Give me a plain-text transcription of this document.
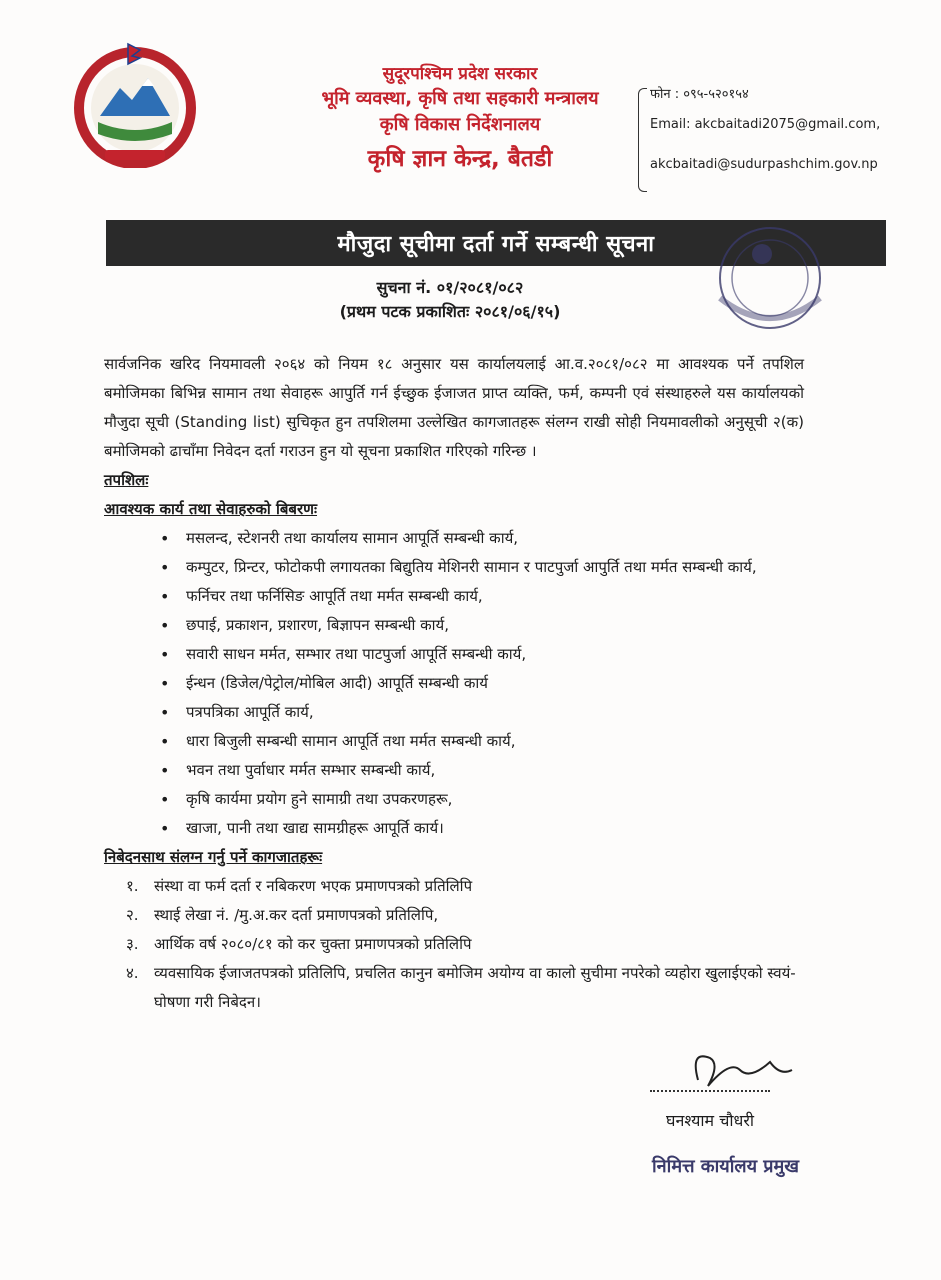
सुदूरपश्चिम प्रदेश सरकार
भूमि व्यवस्था, कृषि तथा सहकारी मन्त्रालय
कृषि विकास निर्देशनालय
कृषि ज्ञान केन्द्र, बैतडी
फोन : ०९५-५२०१५४
Email: akcbaitadi2075@gmail.com,
akcbaitadi@sudurpashchim.gov.np
मौजुदा सूचीमा दर्ता गर्ने सम्बन्धी सूचना
सुचना नं. ०१/२०८१/०८२
(प्रथम पटक प्रकाशितः २०८१/०६/१५)

सार्वजनिक खरिद नियमावली २०६४ को नियम १८ अनुसार यस कार्यालयलाई आ.व.२०८१/०८२ मा आवश्यक पर्ने तपशिल बमोजिमका बिभिन्न सामान तथा सेवाहरू आपुर्ति गर्न ईच्छुक ईजाजत प्राप्त व्यक्ति, फर्म, कम्पनी एवं संस्थाहरुले यस कार्यालयको मौजुदा सूची (Standing list) सुचिकृत हुन तपशिलमा उल्लेखित कागजातहरू संलग्न राखी सोही नियमावलीको अनुसूची २(क) बमोजिमको ढाचाँमा निवेदन दर्ता गराउन हुन यो सूचना प्रकाशित गरिएको गरिन्छ ।

तपशिलः

आवश्यक कार्य तथा सेवाहरुको बिबरणः

• मसलन्द, स्टेशनरी तथा कार्यालय सामान आपूर्ति सम्बन्धी कार्य,
• कम्पुटर, प्रिन्टर, फोटोकपी लगायतका बिद्युतिय मेशिनरी सामान र पाटपुर्जा आपुर्ति तथा मर्मत सम्बन्धी कार्य,
• फर्निचर तथा फर्निसिङ आपूर्ति तथा मर्मत सम्बन्धी कार्य,
• छपाई, प्रकाशन, प्रशारण, बिज्ञापन सम्बन्धी कार्य,
• सवारी साधन मर्मत, सम्भार तथा पाटपुर्जा आपूर्ति सम्बन्धी कार्य,
• ईन्धन (डिजेल/पेट्रोल/मोबिल आदी) आपूर्ति सम्बन्धी कार्य
• पत्रपत्रिका आपूर्ति कार्य,
• धारा बिजुली सम्बन्धी सामान आपूर्ति तथा मर्मत सम्बन्धी कार्य,
• भवन तथा पुर्वाधार मर्मत सम्भार सम्बन्धी कार्य,
• कृषि कार्यमा प्रयोग हुने सामाग्री तथा उपकरणहरू,
• खाजा, पानी तथा खाद्य सामग्रीहरू आपूर्ति कार्य।

निबेदनसाथ संलग्न गर्नु पर्ने कागजातहरूः

१. संस्था वा फर्म दर्ता र नबिकरण भएक प्रमाणपत्रको प्रतिलिपि
२. स्थाई लेखा नं. /मु.अ.कर दर्ता प्रमाणपत्रको प्रतिलिपि,
३. आर्थिक वर्ष २०८०/८१ को कर चुक्ता प्रमाणपत्रको प्रतिलिपि
४. व्यवसायिक ईजाजतपत्रको प्रतिलिपि, प्रचलित कानुन बमोजिम अयोग्य वा कालो सुचीमा नपरेको व्यहोरा खुलाईएको स्वयं-घोषणा गरी निबेदन।
घनश्याम चौधरी
निमित्त कार्यालय प्रमुख
